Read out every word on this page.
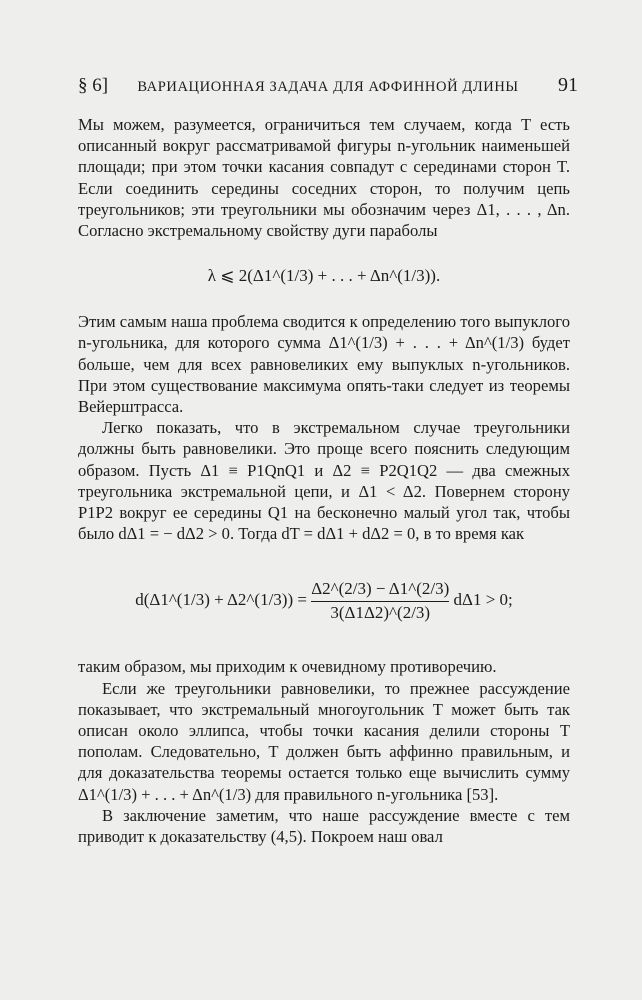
§ 6]	ВАРИАЦИОННАЯ ЗАДАЧА ДЛЯ АФФИННОЙ ДЛИНЫ	91

Мы можем, разумеется, ограничиться тем случаем, когда T есть описанный вокруг рассматривамой фигуры n-угольник наименьшей площади; при этом точки касания совпадут с серединами сторон T. Если соединить середины соседних сторон, то получим цепь треугольников; эти треугольники мы обозначим через Δ1, . . . , Δn. Согласно экстремальному свойству дуги параболы

λ ⩽ 2(Δ1^(1/3) + . . . + Δn^(1/3)).

Этим самым наша проблема сводится к определению того выпуклого n-угольника, для которого сумма Δ1^(1/3) + . . . + Δn^(1/3) будет больше, чем для всех равновеликих ему выпуклых n-угольников. При этом существование максимума опять-таки следует из теоремы Вейерштрасса.

Легко показать, что в экстремальном случае треугольники должны быть равновелики. Это проще всего пояснить следующим образом. Пусть Δ1 ≡ P1QnQ1 и Δ2 ≡ P2Q1Q2 — два смежных треугольника экстремальной цепи, и Δ1 < Δ2. Повернем сторону P1P2 вокруг ее середины Q1 на бесконечно малый угол так, чтобы было dΔ1 = − dΔ2 > 0. Тогда dT = dΔ1 + dΔ2 = 0, в то время как

d(Δ1^(1/3) + Δ2^(1/3)) = $\frac{\Delta 2\^{}(2/3) - \Delta 1\^{}(2/3)}{3(\Delta 1\Delta 2)\^{}(2/3)} d\Delta 1 > 0$;

таким образом, мы приходим к очевидному противоречию.

Если же треугольники равновелики, то прежнее рассуждение показывает, что экстремальный многоугольник T может быть так описан около эллипса, чтобы точки касания делили стороны T пополам. Следовательно, T должен быть аффинно правильным, и для доказательства теоремы остается только еще вычислить сумму Δ1^(1/3) + . . . + Δn^(1/3) для правильного n-угольника [53].

В заключение заметим, что наше рассуждение вместе с тем приводит к доказательству (4,5). Покроем наш овал
